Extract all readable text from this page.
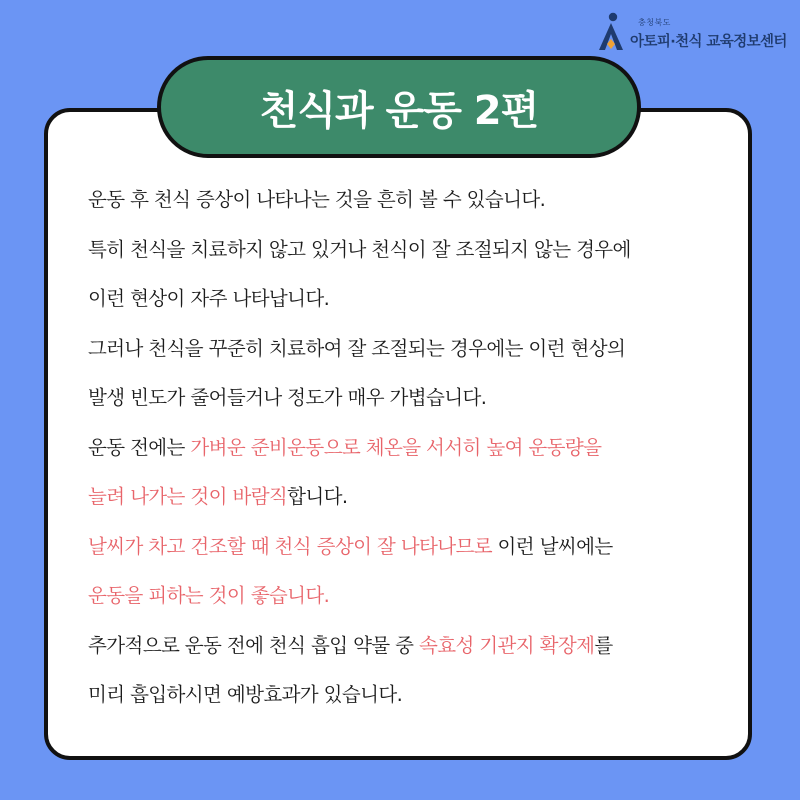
충청북도
아토피·천식 교육정보센터
천식과 운동 2편
운동 후 천식 증상이 나타나는 것을 흔히 볼 수 있습니다.
특히 천식을 치료하지 않고 있거나 천식이 잘 조절되지 않는 경우에
이런 현상이 자주 나타납니다.
그러나 천식을 꾸준히 치료하여 잘 조절되는 경우에는 이런 현상의
발생 빈도가 줄어들거나 정도가 매우 가볍습니다.
운동 전에는 가벼운 준비운동으로 체온을 서서히 높여 운동량을
늘려 나가는 것이 바람직합니다.
날씨가 차고 건조할 때 천식 증상이 잘 나타나므로 이런 날씨에는
운동을 피하는 것이 좋습니다.
추가적으로 운동 전에 천식 흡입 약물 중 속효성 기관지 확장제를
미리 흡입하시면 예방효과가 있습니다.
